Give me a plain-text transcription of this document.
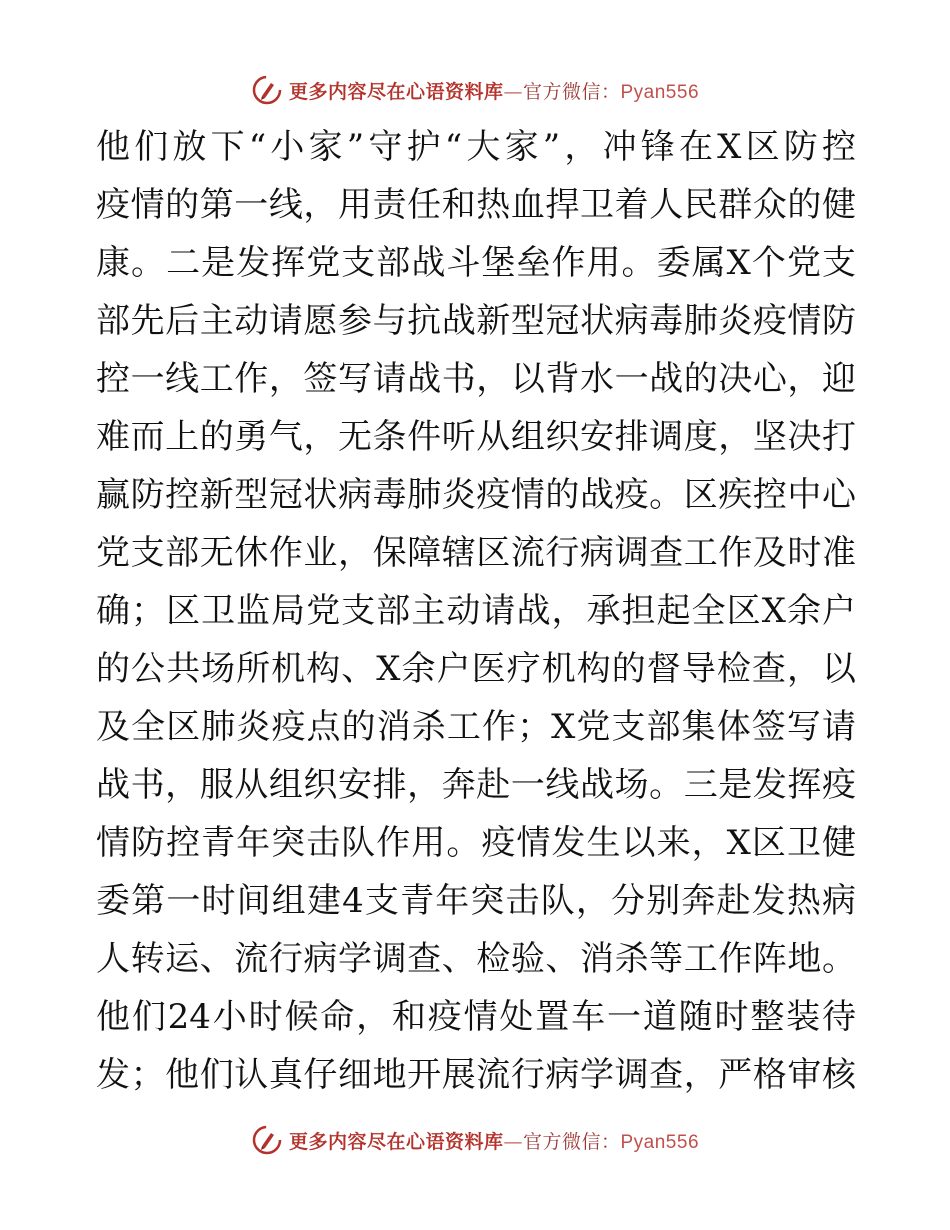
更多内容尽在心语资料库—官方微信：Pyan556
他们放下“小家”守护“大家”，冲锋在X区防控
疫情的第一线，用责任和热血捍卫着人民群众的健
康。二是发挥党支部战斗堡垒作用。委属X个党支
部先后主动请愿参与抗战新型冠状病毒肺炎疫情防
控一线工作，签写请战书，以背水一战的决心，迎
难而上的勇气，无条件听从组织安排调度，坚决打
赢防控新型冠状病毒肺炎疫情的战疫。区疾控中心
党支部无休作业，保障辖区流行病调查工作及时准
确；区卫监局党支部主动请战，承担起全区X余户
的公共场所机构、X余户医疗机构的督导检查，以
及全区肺炎疫点的消杀工作；X党支部集体签写请
战书，服从组织安排，奔赴一线战场。三是发挥疫
情防控青年突击队作用。疫情发生以来，X区卫健
委第一时间组建4支青年突击队，分别奔赴发热病
人转运、流行病学调查、检验、消杀等工作阵地。
他们24小时候命，和疫情处置车一道随时整装待
发；他们认真仔细地开展流行病学调查，严格审核
更多内容尽在心语资料库—官方微信：Pyan556
